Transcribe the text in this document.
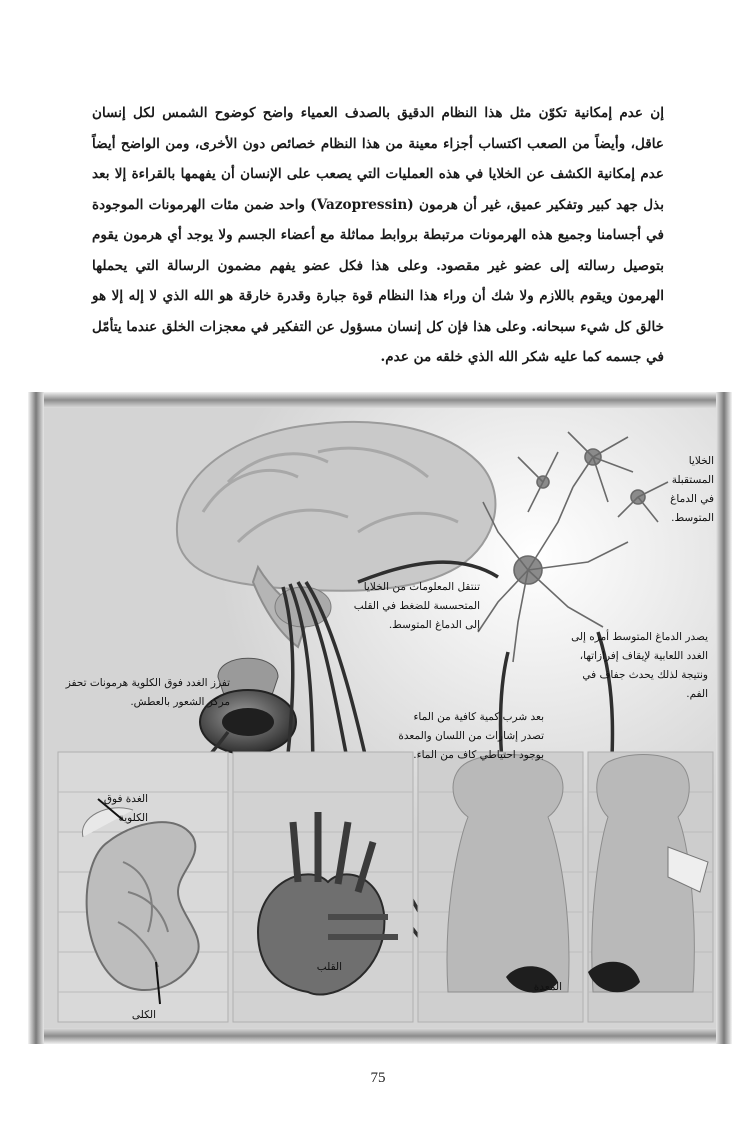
إن عدم إمكانية تكوّن مثل هذا النظام الدقيق بالصدف العمياء واضح كوضوح الشمس لكل إنسان عاقل، وأيضاً من الصعب اكتساب أجزاء معينة من هذا النظام خصائص دون الأخرى، ومن الواضح أيضاً عدم إمكانية الكشف عن الخلايا في هذه العمليات التي يصعب على الإنسان أن يفهمها بالقراءة إلا بعد بذل جهد كبير وتفكير عميق، غير أن هرمون (Vazopressin) واحد ضمن مئات الهرمونات الموجودة في أجسامنا وجميع هذه الهرمونات مرتبطة بروابط مماثلة مع أعضاء الجسم ولا يوجد أي هرمون يقوم بتوصيل رسالته إلى عضو غير مقصود. وعلى هذا فكل عضو يفهم مضمون الرسالة التي يحملها الهرمون ويقوم باللازم ولا شك أن وراء هذا النظام قوة جبارة وقدرة خارقة هو الله الذي لا إله إلا هو خالق كل شيء سبحانه. وعلى هذا فإن كل إنسان مسؤول عن التفكير في معجزات الخلق عندما يتأمّل في جسمه كما عليه شكر الله الذي خلقه من عدم.
الخلايا المستقبلة في الدماغ المتوسط.
تنتقل المعلومات من الخلايا المتحسسة للضغط في القلب إلى الدماغ المتوسط.
يصدر الدماغ المتوسط أمره إلى الغدد اللعابية لإيقاف إفرازاتها، ونتيجة لذلك يحدث جفاف في الفم.
تفرز الغدد فوق الكلوية هرمونات تحفز مركز الشعور بالعطش.
بعد شرب كمية كافية من الماء تصدر إشارات من اللسان والمعدة بوجود احتياطي كاف من الماء.
الغدة فوق الكلوية
القلب
المعدة
الكلى
75
